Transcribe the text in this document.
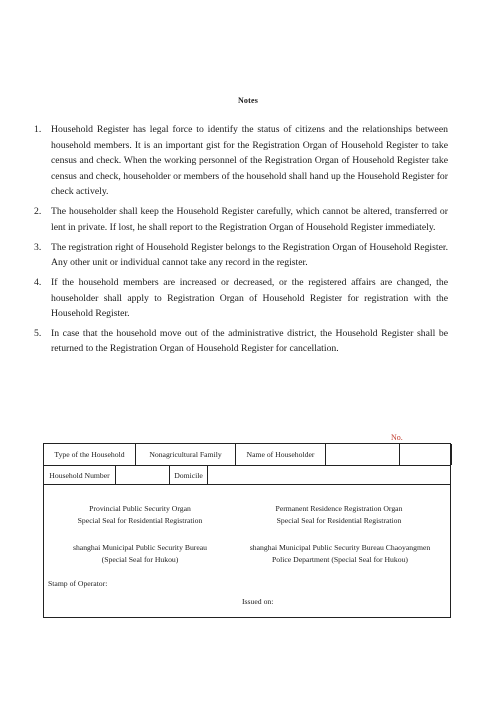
Notes
1.	Household Register has legal force to identify the status of citizens and the relationships between household members. It is an important gist for the Registration Organ of Household Register to take census and check. When the working personnel of the Registration Organ of Household Register take census and check, householder or members of the household shall hand up the Household Register for check actively.
2.	The householder shall keep the Household Register carefully, which cannot be altered, transferred or lent in private. If lost, he shall report to the Registration Organ of Household Register immediately.
3.	The registration right of Household Register belongs to the Registration Organ of Household Register. Any other unit or individual cannot take any record in the register.
4.	If the household members are increased or decreased, or the registered affairs are changed, the householder shall apply to Registration Organ of Household Register for registration with the Household Register.
5.	In case that the household move out of the administrative district, the Household Register shall be returned to the Registration Organ of Household Register for cancellation.
No.
Type of the Household	Nonagricultural Family	Name of Householder
Household Number	Domicile
Provincial Public Security Organ
Special Seal for Residential Registration
Permanent Residence Registration Organ
Special Seal for Residential Registration
shanghai Municipal Public Security Bureau
(Special Seal for Hukou)
shanghai Municipal Public Security Bureau Chaoyangmen
Police Department (Special Seal for Hukou)
Stamp of Operator:
Issued on:
